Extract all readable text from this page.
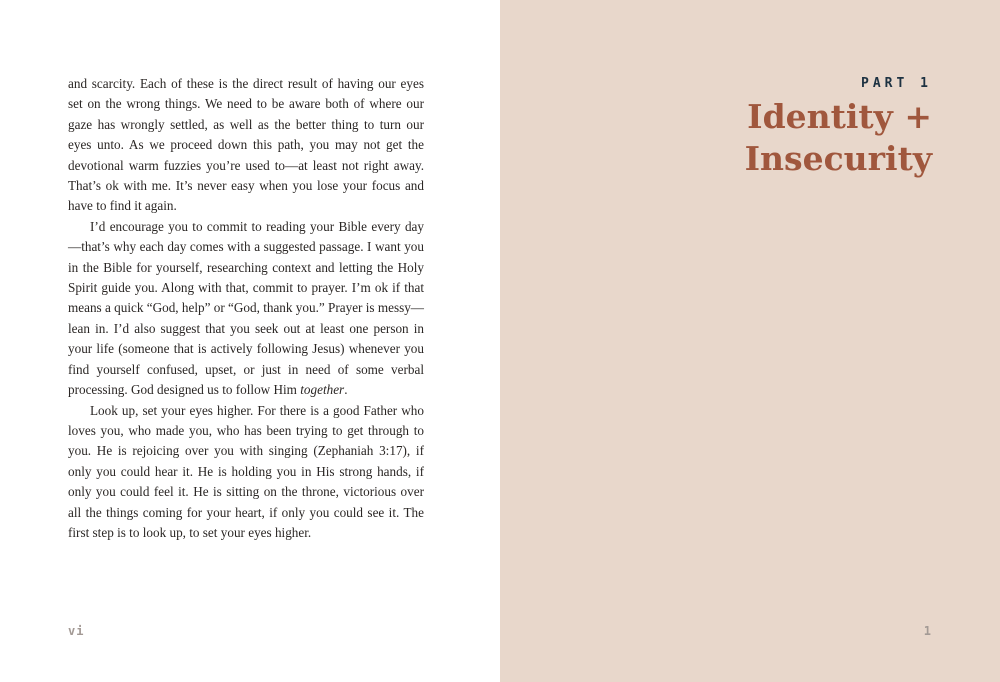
and scarcity. Each of these is the direct result of having our eyes set on the wrong things. We need to be aware both of where our gaze has wrongly settled, as well as the better thing to turn our eyes unto. As we proceed down this path, you may not get the devotional warm fuzzies you’re used to—at least not right away. That’s ok with me. It’s never easy when you lose your focus and have to find it again.

I’d encourage you to commit to reading your Bible every day—that’s why each day comes with a suggested passage. I want you in the Bible for yourself, researching context and letting the Holy Spirit guide you. Along with that, commit to prayer. I’m ok if that means a quick “God, help” or “God, thank you.” Prayer is messy—lean in. I’d also suggest that you seek out at least one person in your life (someone that is actively following Jesus) whenever you find yourself confused, upset, or just in need of some verbal processing. God designed us to follow Him together.

Look up, set your eyes higher. For there is a good Father who loves you, who made you, who has been trying to get through to you. He is rejoicing over you with singing (Zephaniah 3:17), if only you could hear it. He is holding you in His strong hands, if only you could feel it. He is sitting on the throne, victorious over all the things coming for your heart, if only you could see it. The first step is to look up, to set your eyes higher.

vi
PART 1
Identity +
Insecurity

1
